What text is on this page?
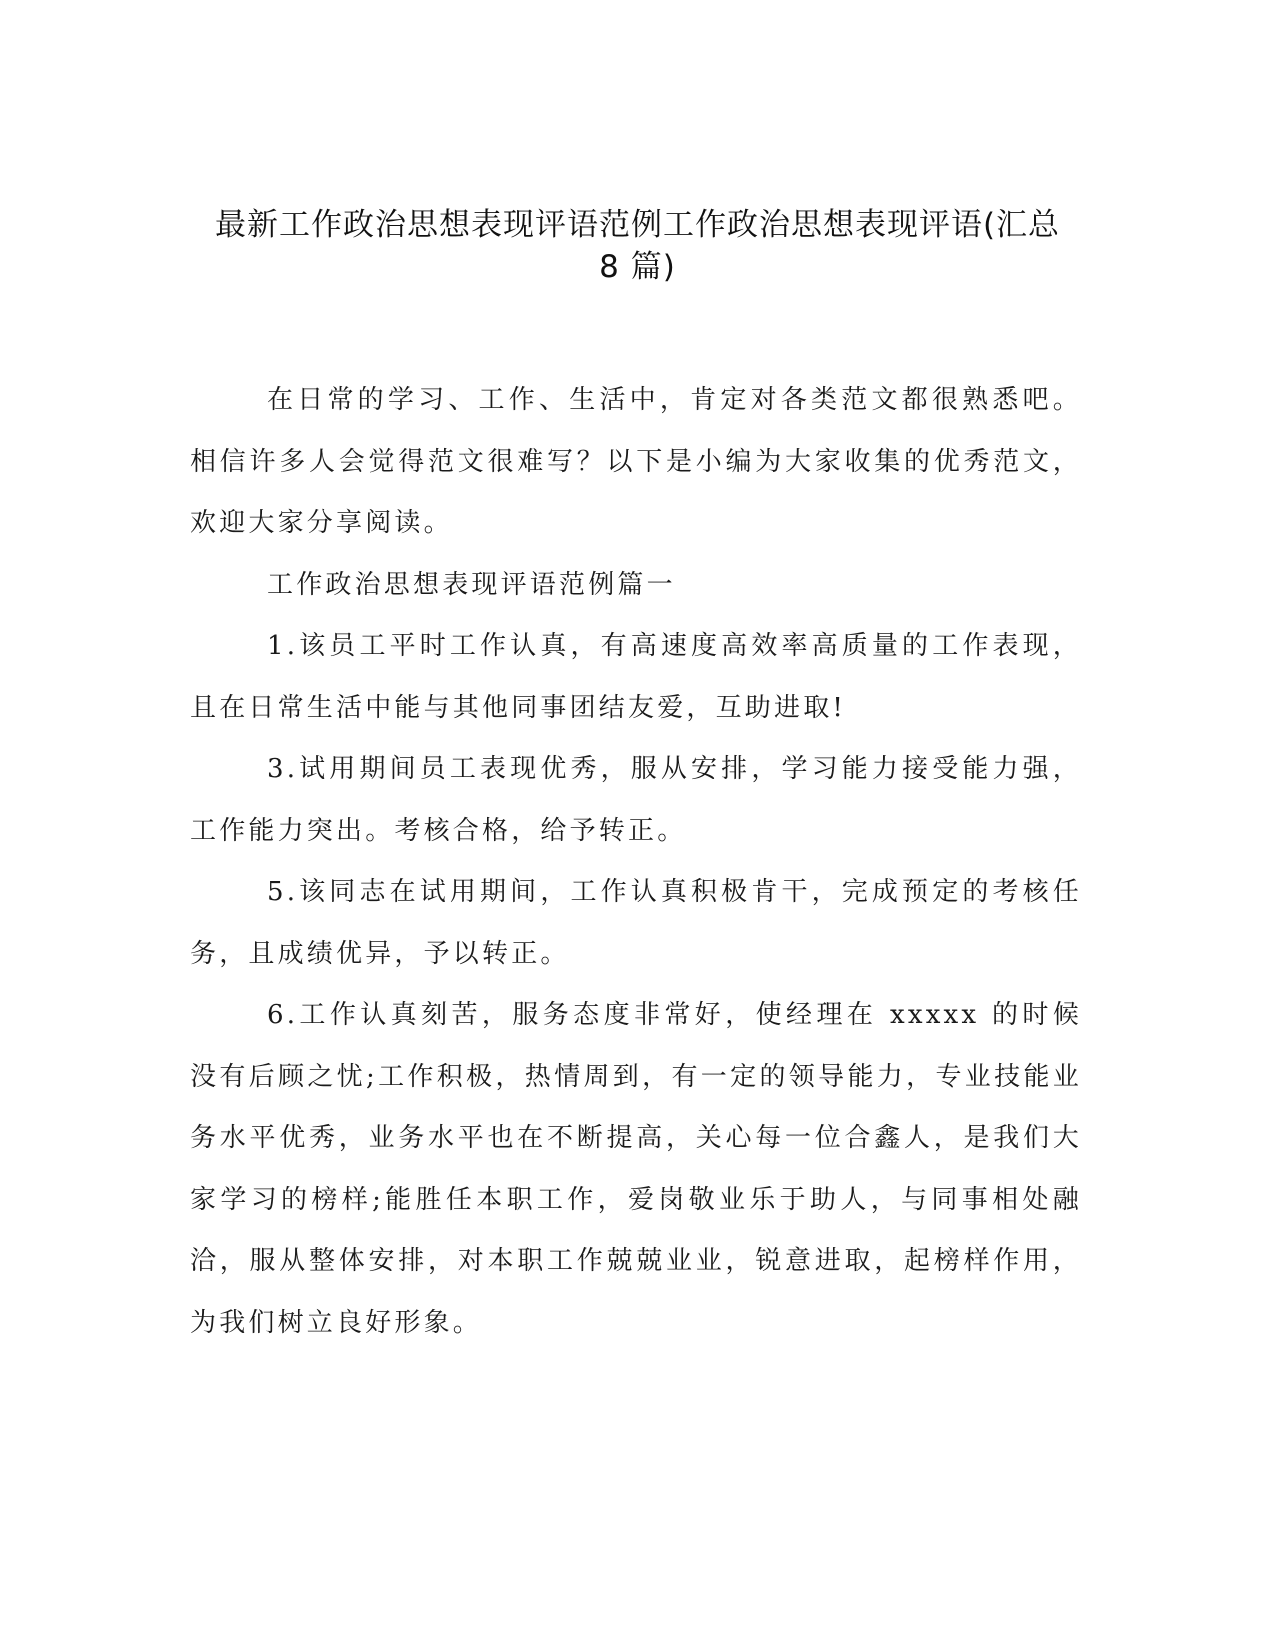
最新工作政治思想表现评语范例工作政治思想表现评语(汇总
8 篇)

在日常的学习、工作、生活中，肯定对各类范文都很熟悉吧。相信许多人会觉得范文很难写？以下是小编为大家收集的优秀范文，欢迎大家分享阅读。

工作政治思想表现评语范例篇一

1.该员工平时工作认真，有高速度高效率高质量的工作表现，且在日常生活中能与其他同事团结友爱，互助进取!

3.试用期间员工表现优秀，服从安排，学习能力接受能力强，工作能力突出。考核合格，给予转正。

5.该同志在试用期间，工作认真积极肯干，完成预定的考核任务，且成绩优异，予以转正。

6.工作认真刻苦，服务态度非常好，使经理在 xxxxx 的时候没有后顾之忧;工作积极，热情周到，有一定的领导能力，专业技能业务水平优秀，业务水平也在不断提高，关心每一位合鑫人，是我们大家学习的榜样;能胜任本职工作，爱岗敬业乐于助人，与同事相处融洽，服从整体安排，对本职工作兢兢业业，锐意进取，起榜样作用，为我们树立良好形象。
